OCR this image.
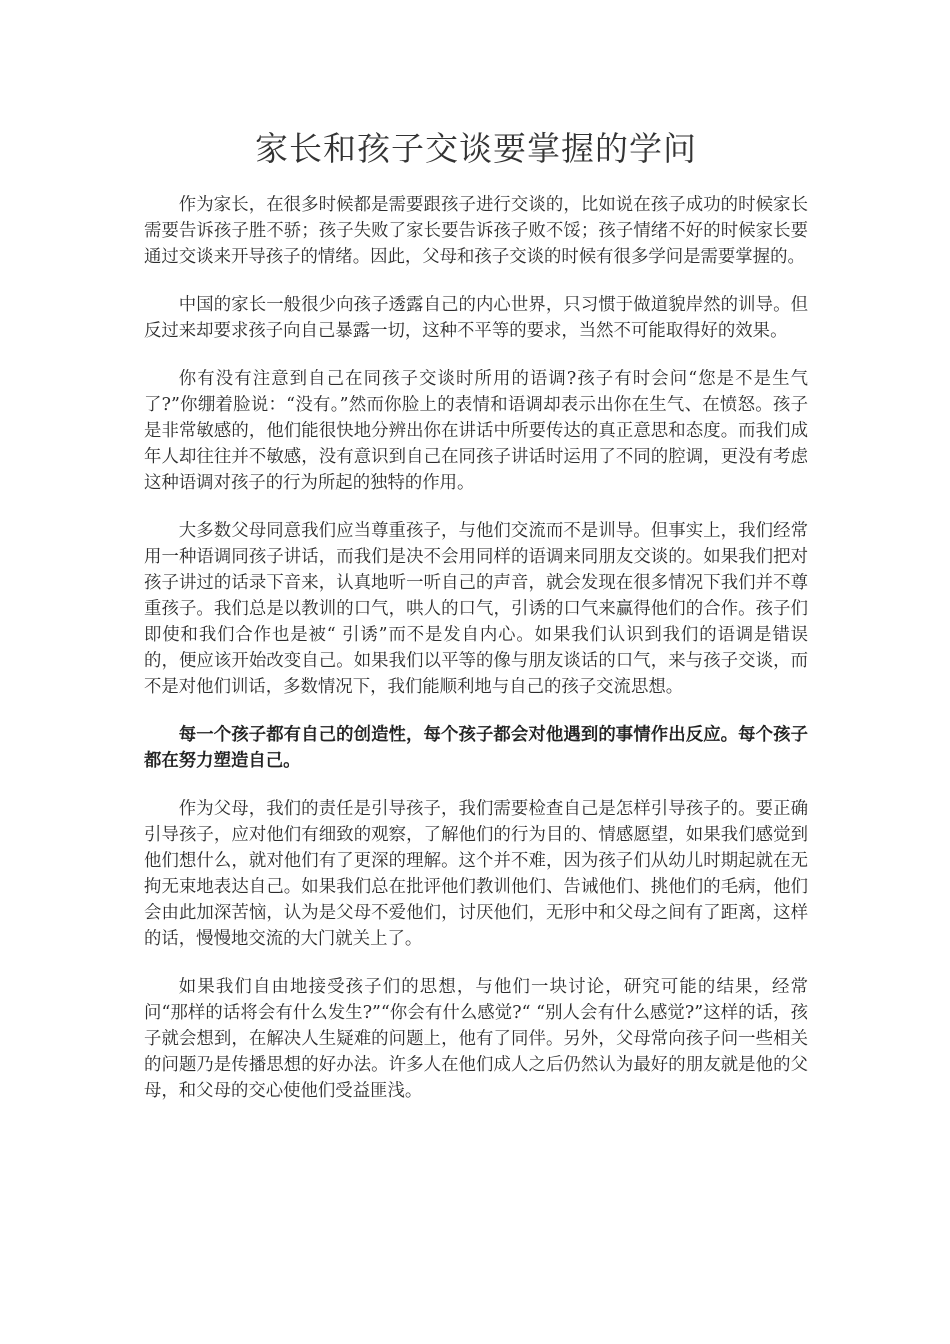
家长和孩子交谈要掌握的学问

作为家长，在很多时候都是需要跟孩子进行交谈的，比如说在孩子成功的时候家长需要告诉孩子胜不骄；孩子失败了家长要告诉孩子败不馁；孩子情绪不好的时候家长要通过交谈来开导孩子的情绪。因此，父母和孩子交谈的时候有很多学问是需要掌握的。

中国的家长一般很少向孩子透露自己的内心世界，只习惯于做道貌岸然的训导。但反过来却要求孩子向自己暴露一切，这种不平等的要求，当然不可能取得好的效果。

你有没有注意到自己在同孩子交谈时所用的语调?孩子有时会问“您是不是生气了?”你绷着脸说：“没有。”然而你脸上的表情和语调却表示出你在生气、在愤怒。孩子是非常敏感的，他们能很快地分辨出你在讲话中所要传达的真正意思和态度。而我们成年人却往往并不敏感，没有意识到自己在同孩子讲话时运用了不同的腔调，更没有考虑这种语调对孩子的行为所起的独特的作用。

大多数父母同意我们应当尊重孩子，与他们交流而不是训导。但事实上，我们经常用一种语调同孩子讲话，而我们是决不会用同样的语调来同朋友交谈的。如果我们把对孩子讲过的话录下音来，认真地听一听自己的声音，就会发现在很多情况下我们并不尊重孩子。我们总是以教训的口气，哄人的口气，引诱的口气来赢得他们的合作。孩子们即使和我们合作也是被“ 引诱”而不是发自内心。如果我们认识到我们的语调是错误的，便应该开始改变自己。如果我们以平等的像与朋友谈话的口气，来与孩子交谈，而不是对他们训话，多数情况下，我们能顺利地与自己的孩子交流思想。

每一个孩子都有自己的创造性，每个孩子都会对他遇到的事情作出反应。每个孩子都在努力塑造自己。

作为父母，我们的责任是引导孩子，我们需要检查自己是怎样引导孩子的。要正确引导孩子，应对他们有细致的观察，了解他们的行为目的、情感愿望，如果我们感觉到他们想什么，就对他们有了更深的理解。这个并不难，因为孩子们从幼儿时期起就在无拘无束地表达自己。如果我们总在批评他们教训他们、告诫他们、挑他们的毛病，他们会由此加深苦恼，认为是父母不爱他们，讨厌他们，无形中和父母之间有了距离，这样的话，慢慢地交流的大门就关上了。

如果我们自由地接受孩子们的思想，与他们一块讨论，研究可能的结果，经常问“那样的话将会有什么发生?”“你会有什么感觉?“ “别人会有什么感觉?”这样的话，孩子就会想到，在解决人生疑难的问题上，他有了同伴。另外，父母常向孩子问一些相关的问题乃是传播思想的好办法。许多人在他们成人之后仍然认为最好的朋友就是他的父母，和父母的交心使他们受益匪浅。
